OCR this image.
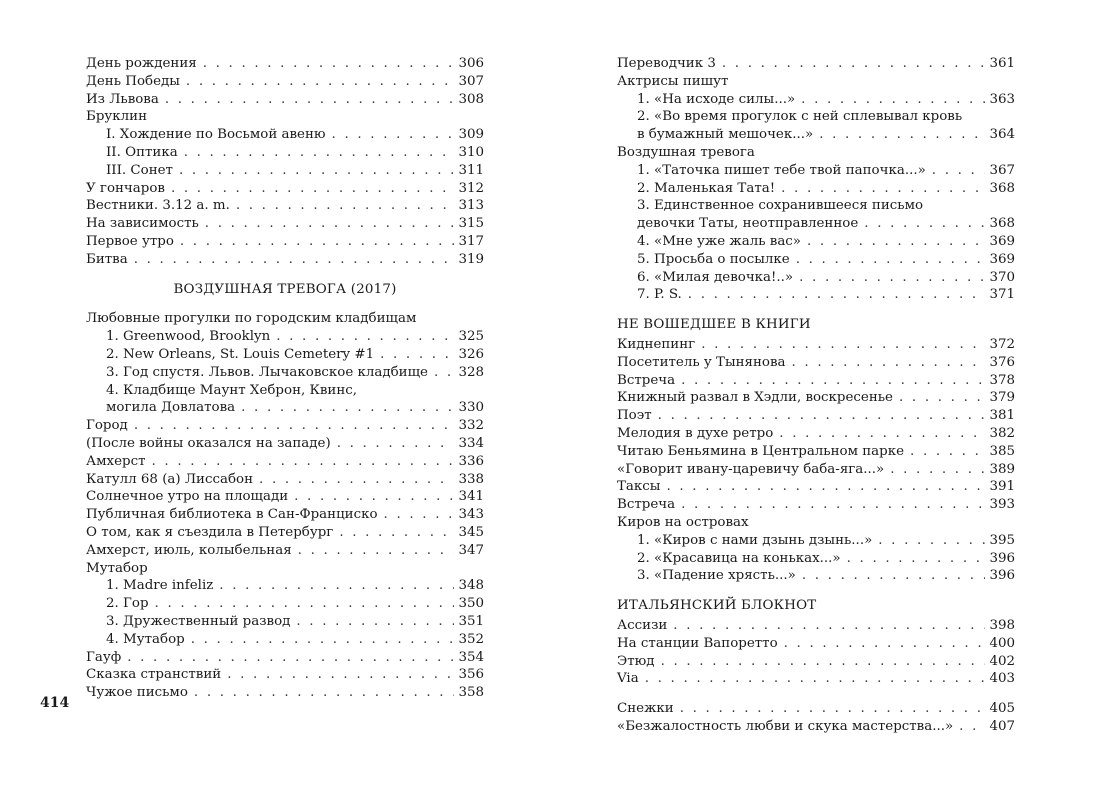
День рождения . . .	306
День Победы . . .	307
Из Львова . . .	308
Бруклин
I. Хождение по Восьмой авеню . . .	309
II. Оптика . . .	310
III. Сонет . . .	311
У гончаров . . .	312
Вестники. 3.12 a. m. . . .	313
На зависимость . . .	315
Первое утро . . .	317
Битва . . .	319
ВОЗДУШНАЯ ТРЕВОГА (2017)
Любовные прогулки по городским кладбищам
1. Greenwood, Brooklyn . . .	325
2. New Orleans, St. Louis Cemetery #1 . . .	326
3. Год спустя. Львов. Лычаковское кладбище . . . 328
4. Кладбище Маунт Хеброн, Квинс,
могила Довлатова . . .	330
Город . . .	332
(После войны оказался на западе) . . .	334
Амхерст . . .	336
Катулл 68 (а) Лиссабон . . .	338
Солнечное утро на площади . . .	341
Публичная библиотека в Сан-Франциско . . .	343
О том, как я съездила в Петербург . . .	345
Амхерст, июль, колыбельная . . .	347
Мутабор
1. Madre infeliz . . .	348
2. Гор . . .	350
3. Дружественный развод . . .	351
4. Мутабор . . .	352
Гауф . . .	354
Сказка странствий . . .	356
Чужое письмо . . .	358
414
Переводчик 3 . . .	361
Актрисы пишут
1. «На исходе силы...» . . .	363
2. «Во время прогулок с ней сплевывал кровь
в бумажный мешочек...» . . .	364
Воздушная тревога
1. «Таточка пишет тебе твой папочка...» . . .	367
2. Маленькая Тата! . . .	368
3. Единственное сохранившееся письмо
девочки Таты, неотправленное . . .	368
4. «Мне уже жаль вас» . . .	369
5. Просьба о посылке . . .	369
6. «Милая девочка!..» . . .	370
7. P. S. . . .	371
НЕ ВОШЕДШЕЕ В КНИГИ
Киднепинг . . .	372
Посетитель у Тынянова . . .	376
Встреча . . .	378
Книжный развал в Хэдли, воскресенье . . .	379
Поэт . . .	381
Мелодия в духе ретро . . .	382
Читаю Беньямина в Центральном парке . . .	385
«Говорит ивану-царевичу баба-яга...» . . .	389
Таксы . . .	391
Встреча . . .	393
Киров на островах
1. «Киров с нами дзынь дзынь...» . . .	395
2. «Красавица на коньках...» . . .	396
3. «Падение хрясть...» . . .	396
ИТАЛЬЯНСКИЙ БЛОКНОТ
Ассизи . . .	398
На станции Вапоретто . . .	400
Этюд . . .	402
Via . . .	403
Снежки . . .	405
«Безжалостность любви и скука мастерства...» . . .	407
